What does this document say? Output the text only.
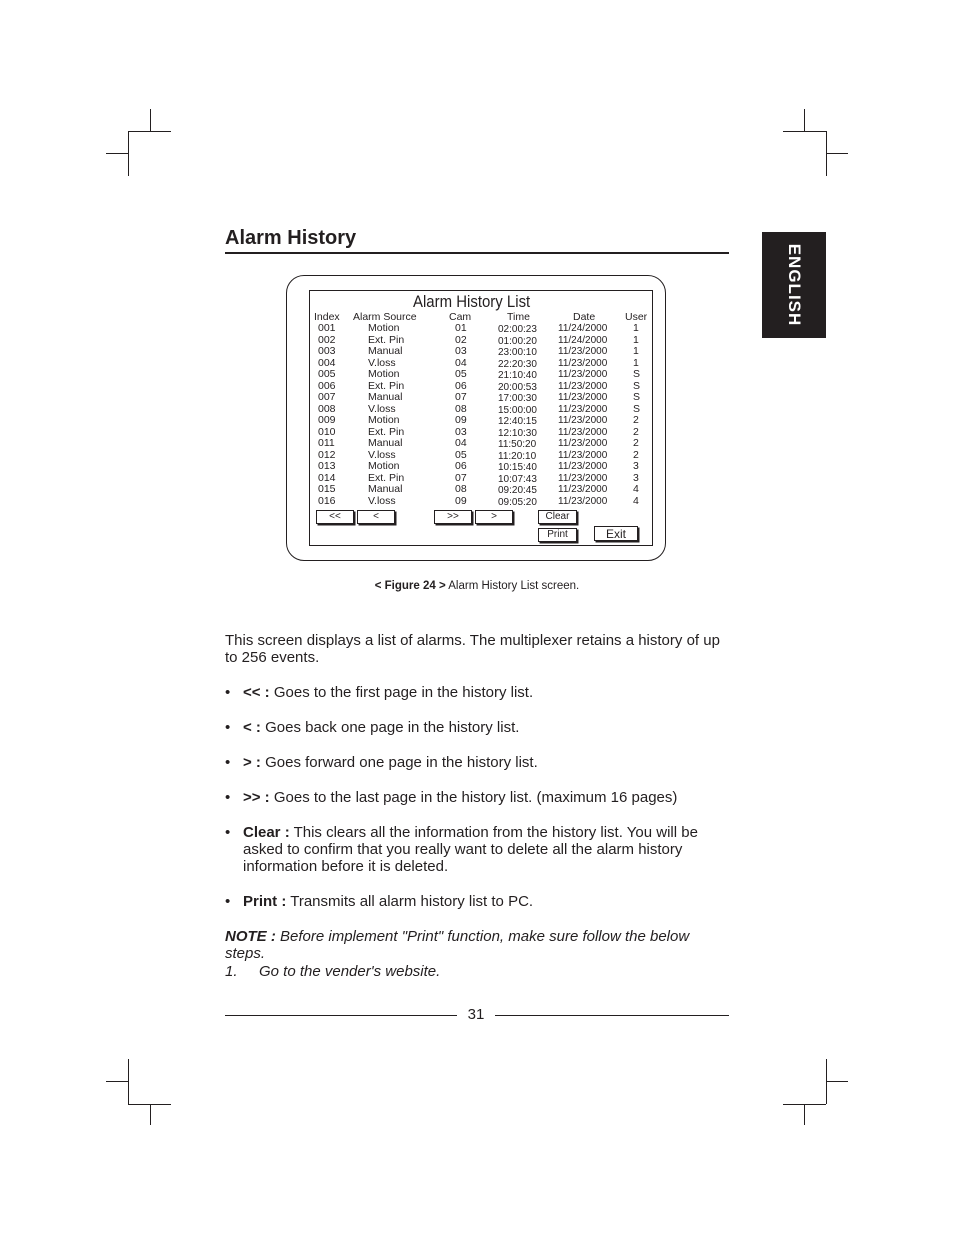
ENGLISH
Alarm History
Alarm History List
Index Alarm Source	Cam	Time	Date	User
001	Motion	01	02:00:23 11/24/2000 1
002	Ext. Pin	02	01:00:20 11/24/2000 1
003	Manual	03	23:00:10 11/23/2000 1
004	V.loss	04	22:20:30 11/23/2000 1
005	Motion	05	21:10:40 11/23/2000 S
006	Ext. Pin	06	20:00:53 11/23/2000 S
007	Manual	07	17:00:30 11/23/2000 S
008	V.loss	08	15:00:00 11/23/2000 S
009	Motion	09	12:40:15 11/23/2000 2
010	Ext. Pin	03	12:10:30 11/23/2000 2
011	Manual	04	11:50:20 11/23/2000 2
012	V.loss	05	11:20:10 11/23/2000 2
013	Motion	06	10:15:40 11/23/2000 3
014	Ext. Pin	07	10:07:43 11/23/2000 3
015	Manual	08	09:20:45 11/23/2000 4
016	V.loss	09	09:05:20 11/23/2000 4
<<	<	>>	>	Clear
Print	Exit
< Figure 24 > Alarm History List screen.
This screen displays a list of alarms. The multiplexer retains a history of up to 256 events.
• << : Goes to the first page in the history list.
• < : Goes back one page in the history list.
• > : Goes forward one page in the history list.
• >> : Goes to the last page in the history list. (maximum 16 pages)
• Clear : This clears all the information from the history list. You will be asked to confirm that you really want to delete all the alarm history information before it is deleted.
• Print : Transmits all alarm history list to PC.
NOTE : Before implement "Print" function, make sure follow the below steps.
1. Go to the vender's website.
31
